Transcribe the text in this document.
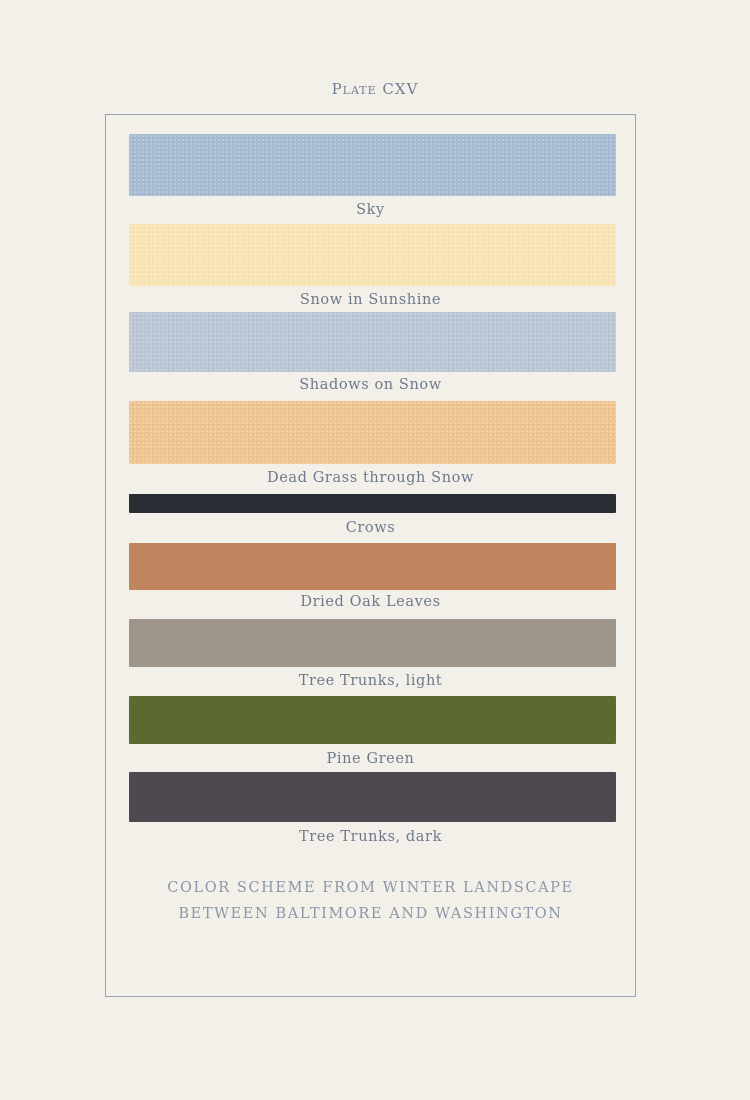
Plate CXV
Sky
Snow in Sunshine
Shadows on Snow
Dead Grass through Snow
Crows
Dried Oak Leaves
Tree Trunks, light
Pine Green
Tree Trunks, dark
COLOR SCHEME FROM WINTER LANDSCAPE
BETWEEN BALTIMORE AND WASHINGTON
